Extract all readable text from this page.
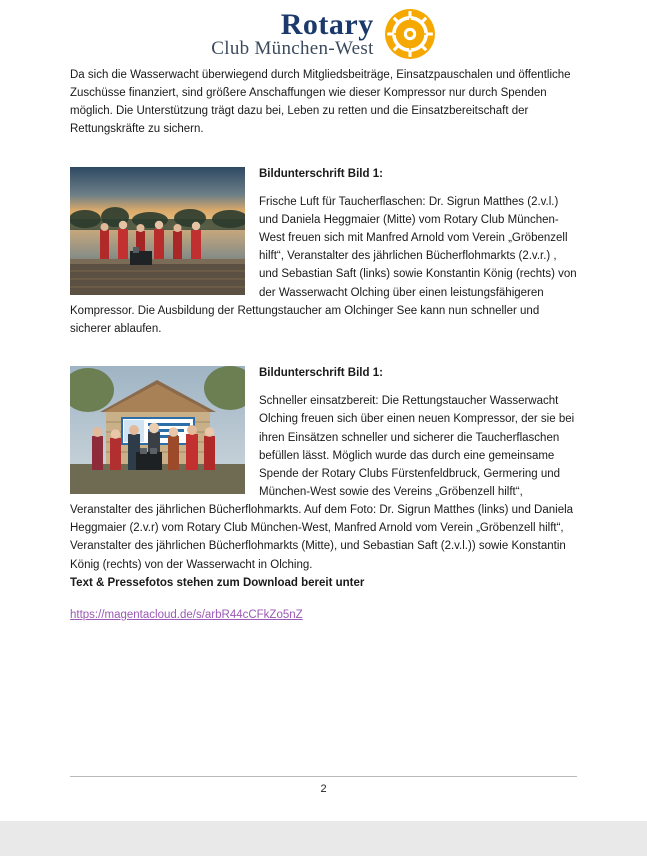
Rotary
Club München-West

Da sich die Wasserwacht überwiegend durch Mitgliedsbeiträge, Einsatzpauschalen und öffentliche Zuschüsse finanziert, sind größere Anschaffungen wie dieser Kompressor nur durch Spenden möglich. Die Unterstützung trägt dazu bei, Leben zu retten und die Einsatzbereitschaft der Rettungskräfte zu sichern.

Bildunterschrift Bild 1:

Frische Luft für Taucherflaschen: Dr. Sigrun Matthes (2.v.l.) und Daniela Heggmaier (Mitte) vom Rotary Club München-West freuen sich mit Manfred Arnold vom Verein „Gröbenzell hilft“, Veranstalter des jährlichen Bücherflohmarkts (2.v.r.) , und Sebastian Saft (links) sowie Konstantin König (rechts) von der Wasserwacht Olching über einen leistungsfähigeren Kompressor. Die Ausbildung der Rettungstaucher am Olchinger See kann nun schneller und sicherer ablaufen.

Bildunterschrift Bild 1:

Schneller einsatzbereit: Die Rettungstaucher Wasserwacht Olching freuen sich über einen neuen Kompressor, der sie bei ihren Einsätzen schneller und sicherer die Taucherflaschen befüllen lässt. Möglich wurde das durch eine gemeinsame Spende der Rotary Clubs Fürstenfeldbruck, Germering und München-West sowie des Vereins „Gröbenzell hilft“, Veranstalter des jährlichen Bücherflohmarkts. Auf dem Foto: Dr. Sigrun Matthes (links) und Daniela Heggmaier (2.v.r) vom Rotary Club München-West, Manfred Arnold vom Verein „Gröbenzell hilft“, Veranstalter des jährlichen Bücherflohmarkts (Mitte), und Sebastian Saft (2.v.l.)) sowie Konstantin König (rechts) von der Wasserwacht in Olching.

Text & Pressefotos stehen zum Download bereit unter

https://magentacloud.de/s/arbR44cCFkZo5nZ
2
